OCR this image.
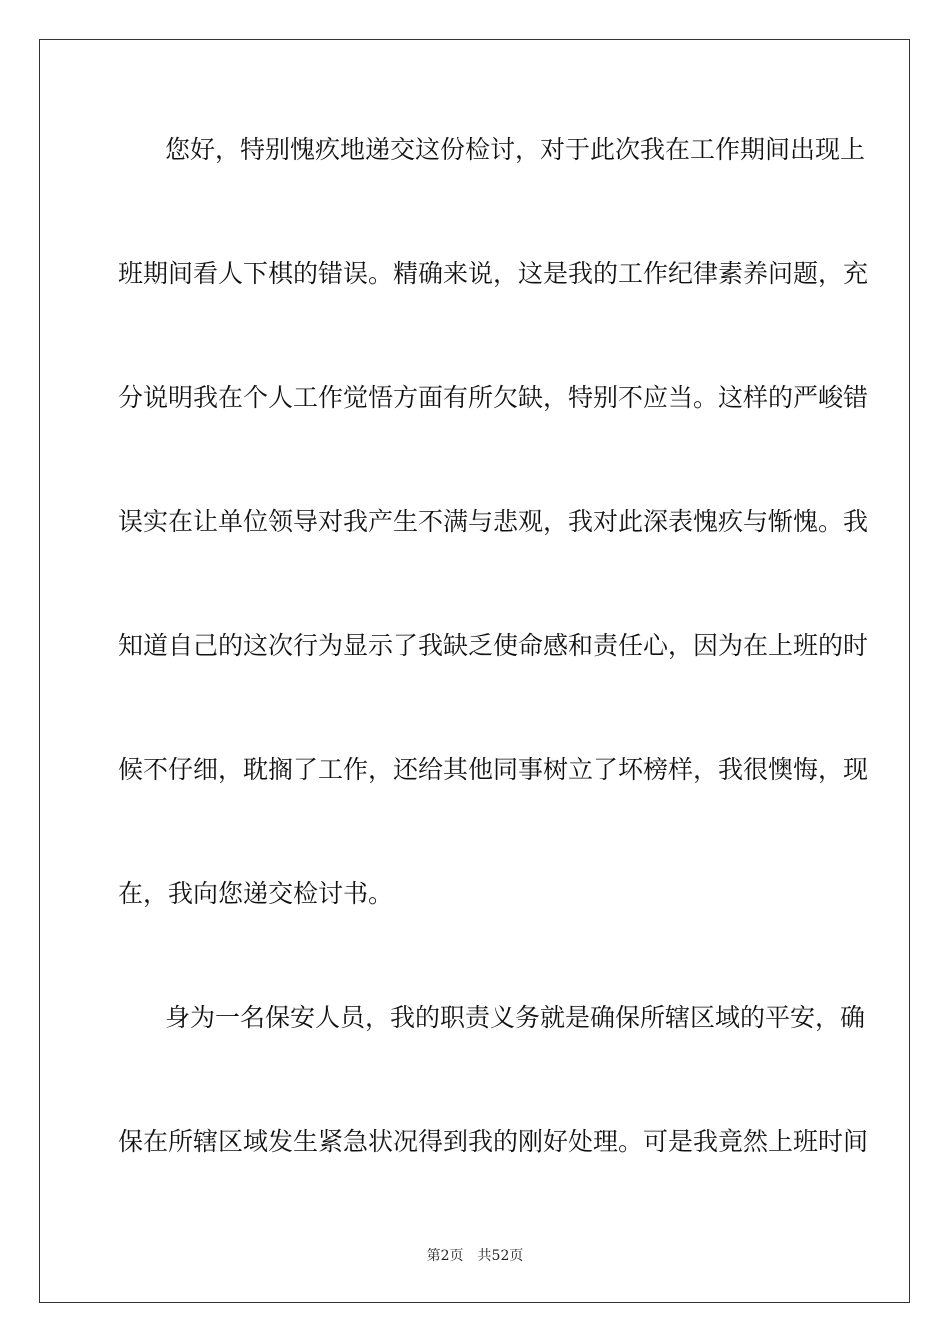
您好，特别愧疚地递交这份检讨，对于此次我在工作期间出现上
班期间看人下棋的错误。精确来说，这是我的工作纪律素养问题，充
分说明我在个人工作觉悟方面有所欠缺，特别不应当。这样的严峻错
误实在让单位领导对我产生不满与悲观，我对此深表愧疚与惭愧。我
知道自己的这次行为显示了我缺乏使命感和责任心，因为在上班的时
候不仔细，耽搁了工作，还给其他同事树立了坏榜样，我很懊悔，现
在，我向您递交检讨书。
身为一名保安人员，我的职责义务就是确保所辖区域的平安，确
保在所辖区域发生紧急状况得到我的刚好处理。可是我竟然上班时间
第2页 共52页
